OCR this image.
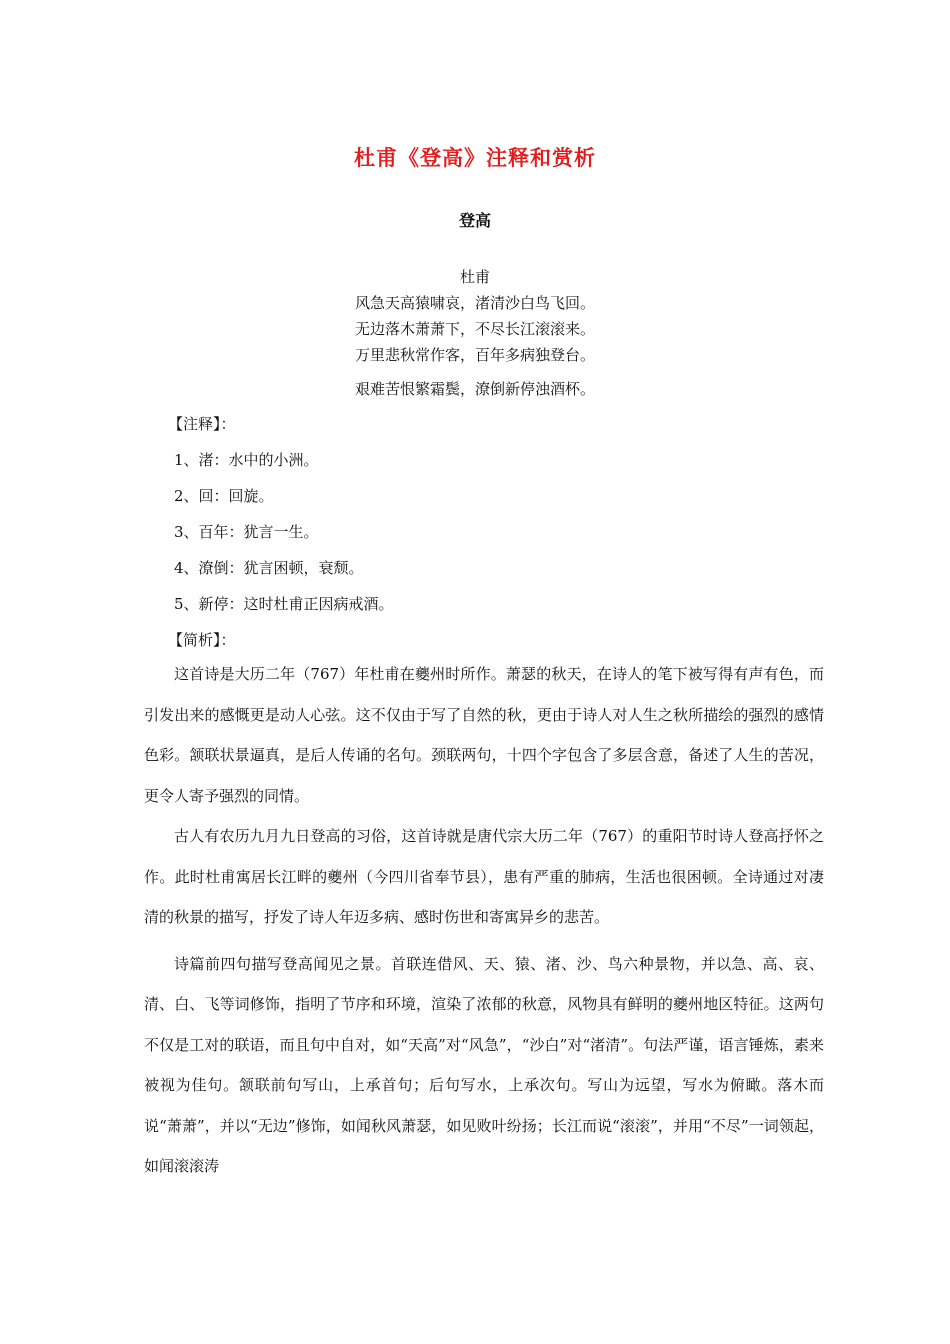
杜甫《登高》注释和赏析
登高
杜甫
风急天高猿啸哀，渚清沙白鸟飞回。
无边落木萧萧下，不尽长江滚滚来。
万里悲秋常作客，百年多病独登台。
艰难苦恨繁霜鬓，潦倒新停浊酒杯。
【注释】：
1、渚：水中的小洲。
2、回：回旋。
3、百年：犹言一生。
4、潦倒：犹言困顿，衰颓。
5、新停：这时杜甫正因病戒酒。
【简析】：

这首诗是大历二年（767）年杜甫在夔州时所作。萧瑟的秋天，在诗人的笔下被写得有声有色，而引发出来的感慨更是动人心弦。这不仅由于写了自然的秋，更由于诗人对人生之秋所描绘的强烈的感情色彩。颔联状景逼真，是后人传诵的名句。颈联两句，十四个字包含了多层含意，备述了人生的苦况，更令人寄予强烈的同情。

古人有农历九月九日登高的习俗，这首诗就是唐代宗大历二年（767）的重阳节时诗人登高抒怀之作。此时杜甫寓居长江畔的夔州（今四川省奉节县），患有严重的肺病，生活也很困顿。全诗通过对凄清的秋景的描写，抒发了诗人年迈多病、感时伤世和寄寓异乡的悲苦。

诗篇前四句描写登高闻见之景。首联连借风、天、猿、渚、沙、鸟六种景物，并以急、高、哀、清、白、飞等词修饰，指明了节序和环境，渲染了浓郁的秋意，风物具有鲜明的夔州地区特征。这两句不仅是工对的联语，而且句中自对，如“天高”对“风急”，“沙白”对“渚清”。句法严谨，语言锤炼，素来被视为佳句。颔联前句写山，上承首句；后句写水，上承次句。写山为远望，写水为俯瞰。落木而说“萧萧”，并以“无边”修饰，如闻秋风萧瑟，如见败叶纷扬；长江而说“滚滚”，并用“不尽”一词领起，如闻滚滚涛
